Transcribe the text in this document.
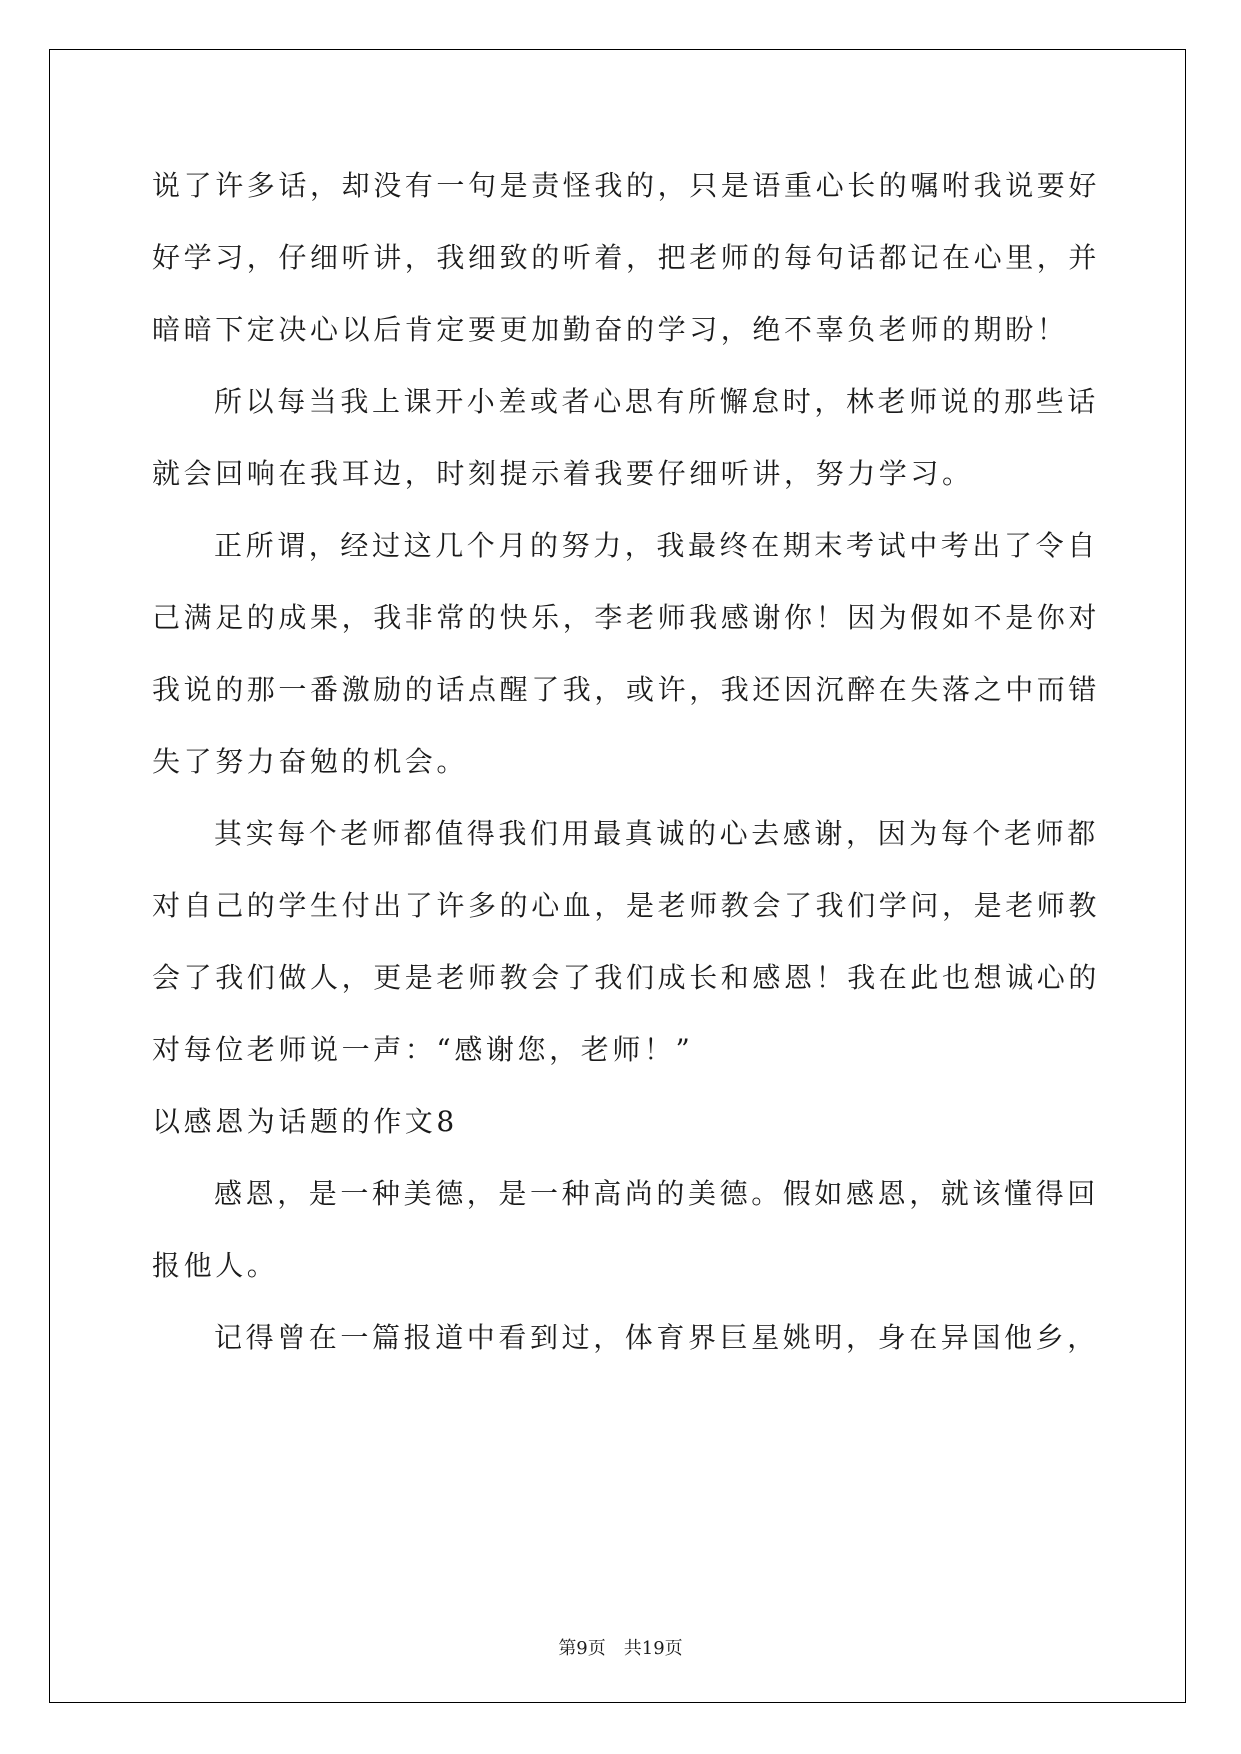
说了许多话，却没有一句是责怪我的，只是语重心长的嘱咐我说要好
好学习，仔细听讲，我细致的听着，把老师的每句话都记在心里，并
暗暗下定决心以后肯定要更加勤奋的学习，绝不辜负老师的期盼！
所以每当我上课开小差或者心思有所懈怠时，林老师说的那些话
就会回响在我耳边，时刻提示着我要仔细听讲，努力学习。
正所谓，经过这几个月的努力，我最终在期末考试中考出了令自
己满足的成果，我非常的快乐，李老师我感谢你！因为假如不是你对
我说的那一番激励的话点醒了我，或许，我还因沉醉在失落之中而错
失了努力奋勉的机会。
其实每个老师都值得我们用最真诚的心去感谢，因为每个老师都
对自己的学生付出了许多的心血，是老师教会了我们学问，是老师教
会了我们做人，更是老师教会了我们成长和感恩！我在此也想诚心的
对每位老师说一声：“感谢您，老师！”
以感恩为话题的作文8
感恩，是一种美德，是一种高尚的美德。假如感恩，就该懂得回
报他人。
记得曾在一篇报道中看到过，体育界巨星姚明，身在异国他乡，
第9页　共19页
